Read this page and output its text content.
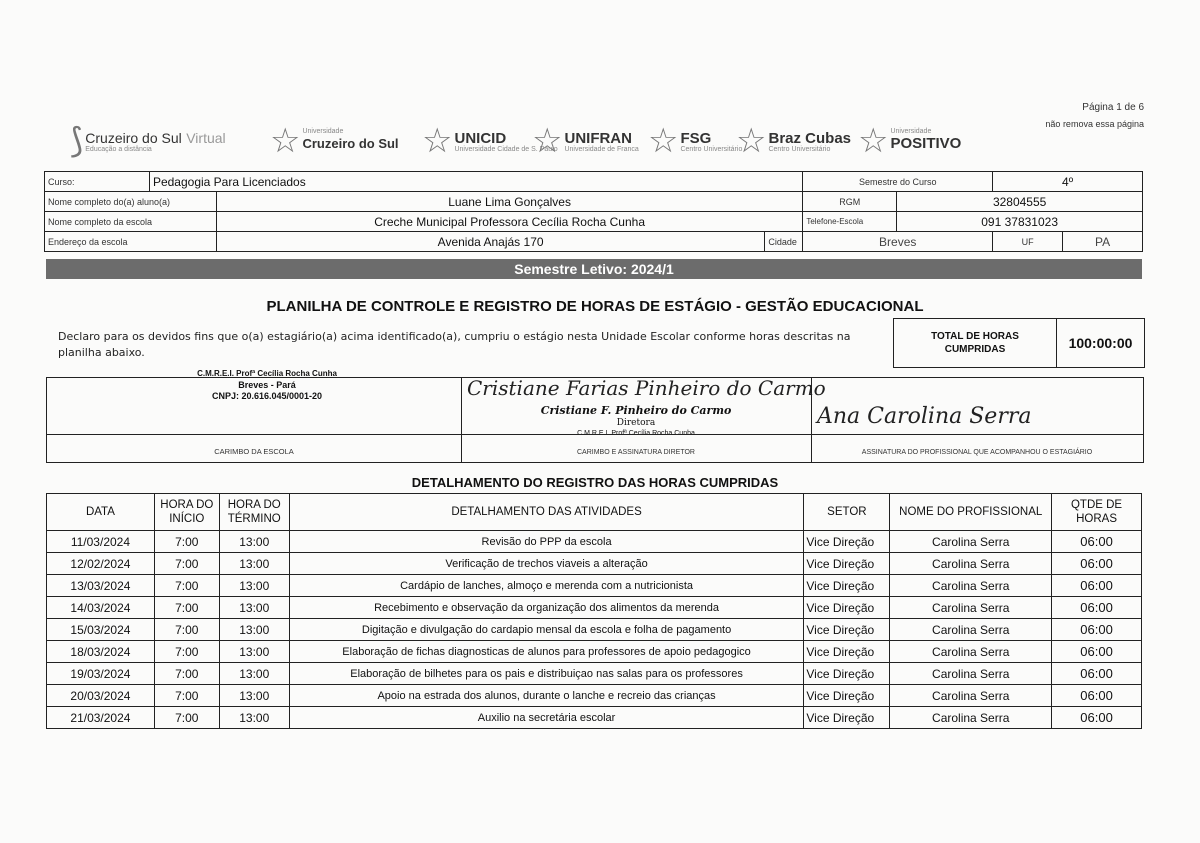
Página 1 de 6
não remova essa página
⟆ Cruzeiro do Sul Virtual
Educação a distância	☆ Universidade
Cruzeiro do Sul ☆ UNICID
Universidade Cidade de S. Paulo
☆ UNIFRAN
Universidade de Franca ☆ FSG
Centro Universitário
☆ Braz Cubas
Centro Universitário ☆ Universidade
POSITIVO
Curso:	Pedagogia Para Licenciados			Semestre do Curso		4º	
Nome completo do(a) aluno(a)		Luane Lima Gonçalves		RGM	32804555		
Nome completo da escola		Creche Municipal Professora Cecília Rocha Cunha		Telefone-Escola	091 37831023		
Endereço da escola		Avenida Anajás 170	Cidade	Breves		UF	PA
Semestre Letivo: 2024/1
PLANILHA DE CONTROLE E REGISTRO DE HORAS DE ESTÁGIO - GESTÃO EDUCACIONAL
Declaro para os devidos fins que o(a) estagiário(a) acima identificado(a), cumpriu o estágio nesta Unidade Escolar conforme horas descritas na planilha abaixo.
TOTAL DE HORAS CUMPRIDAS	100:00:00
C.M.R.E.I. Profª Cecília Rocha Cunha
Breves - Pará
CNPJ: 20.616.045/0001-20
CARIMBO DA ESCOLA
Cristiane Farias Pinheiro do Carmo
Cristiane F. Pinheiro do Carmo
Diretora
C.M.R.E.I. Profª Cecília Rocha Cunha
CARIMBO E ASSINATURA DIRETOR
Ana Carolina Serra
ASSINATURA DO PROFISSIONAL QUE ACOMPANHOU O ESTAGIÁRIO
DETALHAMENTO DO REGISTRO DAS HORAS CUMPRIDAS
DATA	HORA DO INÍCIO	HORA DO TÉRMINO	DETALHAMENTO DAS ATIVIDADES	SETOR	NOME DO PROFISSIONAL	QTDE DE HORAS
11/03/2024	7:00	13:00	Revisão do PPP da escola	Vice Direção	Carolina Serra	06:00
12/02/2024	7:00	13:00	Verificação de trechos viaveis a alteração	Vice Direção	Carolina Serra	06:00
13/03/2024	7:00	13:00	Cardápio de lanches, almoço e merenda com a nutricionista	Vice Direção	Carolina Serra	06:00
14/03/2024	7:00	13:00	Recebimento e observação da organização dos alimentos da merenda	Vice Direção	Carolina Serra	06:00
15/03/2024	7:00	13:00	Digitação e divulgação do cardapio mensal da escola e folha de pagamento	Vice Direção	Carolina Serra	06:00
18/03/2024	7:00	13:00	Elaboração de fichas diagnosticas de alunos para professores de apoio pedagogico	Vice Direção	Carolina Serra	06:00
19/03/2024	7:00	13:00	Elaboração de bilhetes para os pais e distribuiçao nas salas para os professores	Vice Direção	Carolina Serra	06:00
20/03/2024	7:00	13:00	Apoio na estrada dos alunos, durante o lanche e recreio das crianças	Vice Direção	Carolina Serra	06:00
21/03/2024	7:00	13:00	Auxilio na secretária escolar	Vice Direção	Carolina Serra	06:00
